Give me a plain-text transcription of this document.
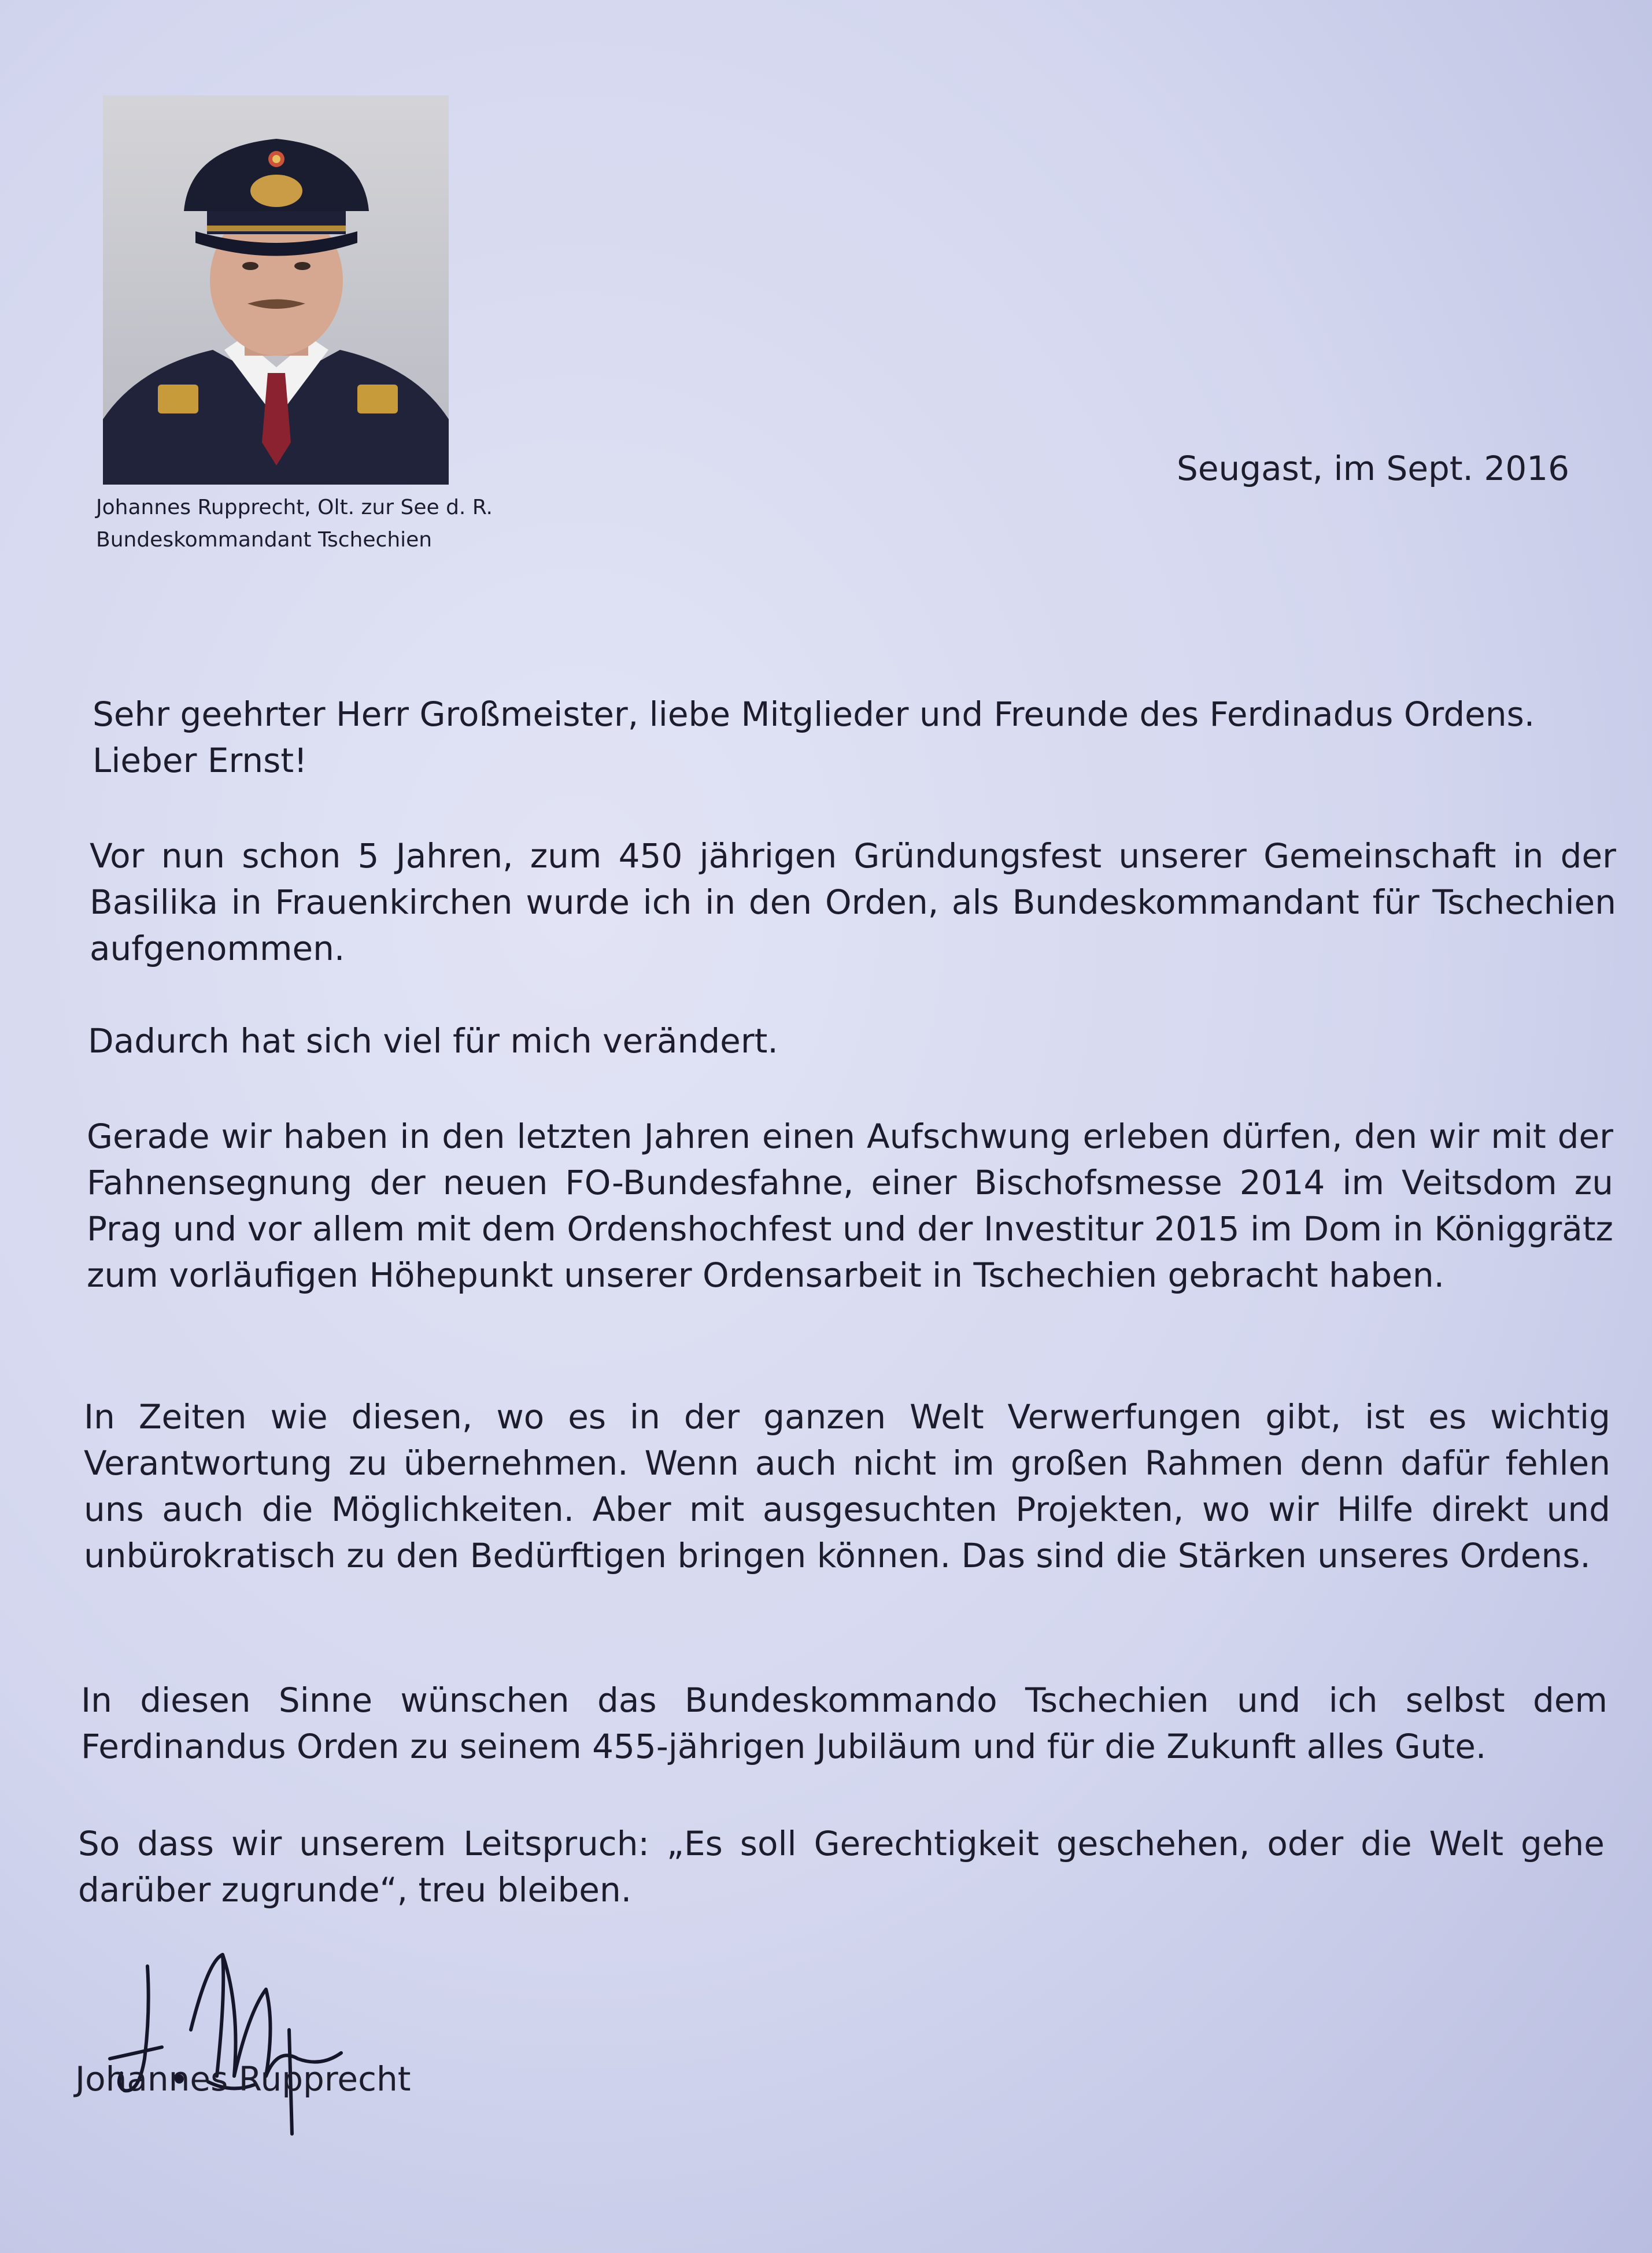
Johannes Rupprecht, Olt. zur See d. R.
Bundeskommandant Tschechien
Seugast, im Sept. 2016

Sehr geehrter Herr Großmeister, liebe Mitglieder und Freunde des Ferdinadus Ordens.
Lieber Ernst!

Vor nun schon 5 Jahren, zum 450 jährigen Gründungsfest unserer Gemeinschaft in der Basilika in Frauenkirchen wurde ich in den Orden, als Bundeskommandant für Tschechien aufgenommen.

Dadurch hat sich viel für mich verändert.

Gerade wir haben in den letzten Jahren einen Aufschwung erleben dürfen, den wir mit der Fahnensegnung der neuen FO-Bundesfahne, einer Bischofsmesse 2014 im Veitsdom zu Prag und vor allem mit dem Ordenshochfest und der Investitur 2015 im Dom in Königgrätz zum vorläufigen Höhepunkt unserer Ordensarbeit in Tschechien gebracht haben.

In Zeiten wie diesen, wo es in der ganzen Welt Verwerfungen gibt, ist es wichtig Verantwortung zu übernehmen. Wenn auch nicht im großen Rahmen denn dafür fehlen uns auch die Möglichkeiten. Aber mit ausgesuchten Projekten, wo wir Hilfe direkt und unbürokratisch zu den Bedürftigen bringen können. Das sind die Stärken unseres Ordens.

In diesen Sinne wünschen das Bundeskommando Tschechien und ich selbst dem Ferdinandus Orden zu seinem 455-jährigen Jubiläum und für die Zukunft alles Gute.

So dass wir unserem Leitspruch: „Es soll Gerechtigkeit geschehen, oder die Welt gehe darüber zugrunde“, treu bleiben.

Johannes Rupprecht
